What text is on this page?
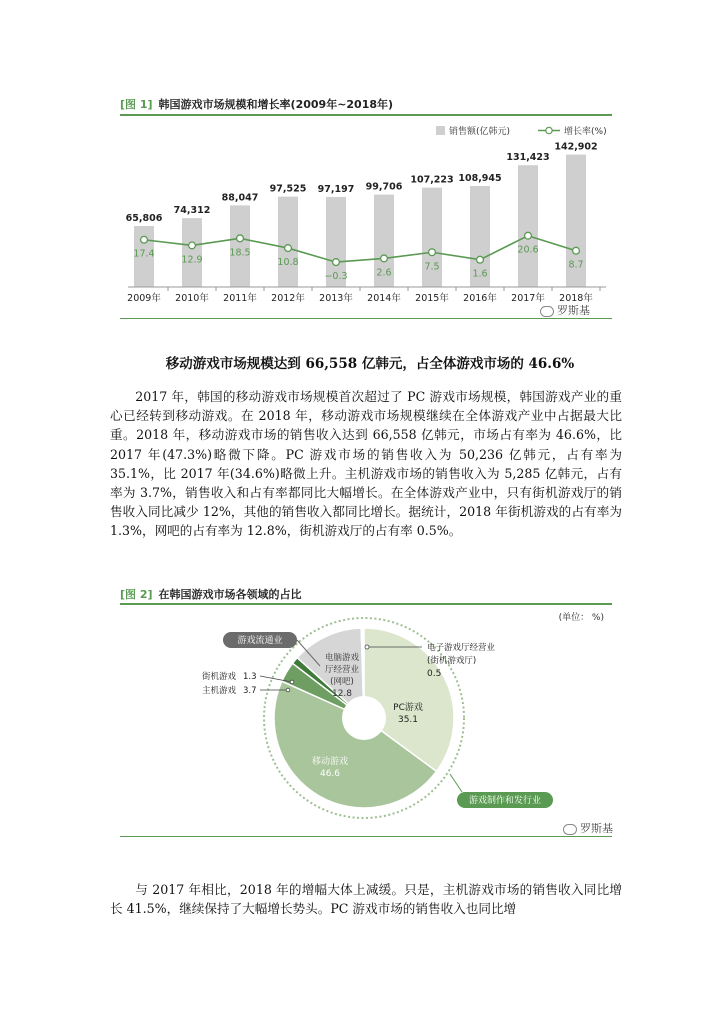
[图 1] 韩国游戏市场规模和增长率(2009年~2018年)
销售额(亿韩元)	增长率(%)
65,806
74,312
88,047
97,525 97,197 99,706
107,223 108,945
131,423
142,902
17.4
12.9
18.5
10.8
−0.3	2.6
7.5
1.6
20.6
8.7
2009年 2010年 2011年 2012年 2013年 2014年 2015年 2016年 2017年 2018年
罗斯基
移动游戏市场规模达到 66,558 亿韩元，占全体游戏市场的 46.6%

2017 年，韩国的移动游戏市场规模首次超过了 PC 游戏市场规模，韩国游戏产业的重心已经转到移动游戏。在 2018 年，移动游戏市场规模继续在全体游戏产业中占据最大比重。2018 年，移动游戏市场的销售收入达到 66,558 亿韩元，市场占有率为 46.6%，比 2017 年(47.3%)略微下降。PC 游戏市场的销售收入为 50,236 亿韩元，占有率为 35.1%，比 2017 年(34.6%)略微上升。主机游戏市场的销售收入为 5,285 亿韩元，占有率为 3.7%，销售收入和占有率都同比大幅增长。在全体游戏产业中，只有街机游戏厅的销售收入同比减少 12%，其他的销售收入都同比增长。据统计，2018 年街机游戏的占有率为 1.3%，网吧的占有率为 12.8%，街机游戏厅的占有率 0.5%。

[图 2] 在韩国游戏市场各领域的占比
(单位： %)
游戏流通业
游戏制作和发行业
PC游戏
35.1
移动游戏
46.6
电脑游戏
厅经营业
(网吧)
12.8
电子游戏厅经营业
(街机游戏厅)
0.5
街机游戏 1.3
主机游戏 3.7
罗斯基

与 2017 年相比，2018 年的增幅大体上减缓。只是，主机游戏市场的销售收入同比增长 41.5%，继续保持了大幅增长势头。PC 游戏市场的销售收入也同比增
